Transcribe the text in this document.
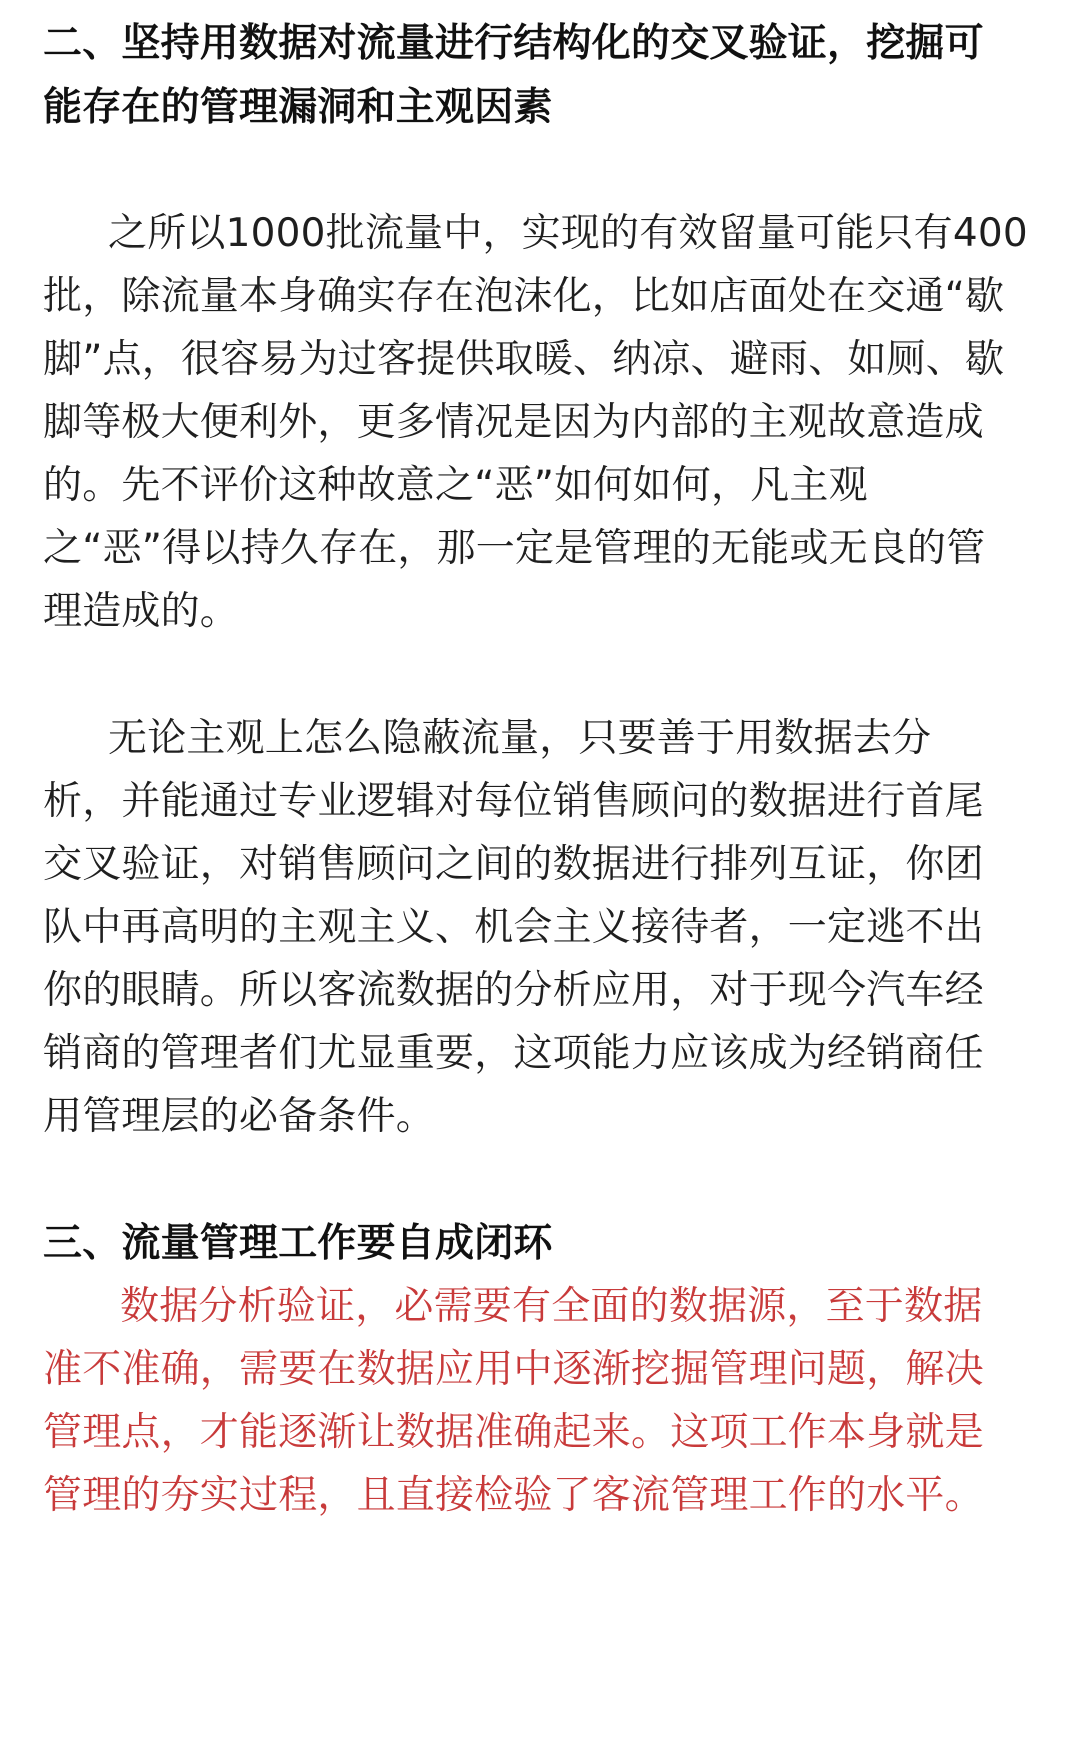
二、坚持用数据对流量进行结构化的交叉验证，挖掘可

能存在的管理漏洞和主观因素

之所以1000批流量中，实现的有效留量可能只有400

批，除流量本身确实存在泡沫化，比如店面处在交通“歇

脚”点，很容易为过客提供取暖、纳凉、避雨、如厕、歇

脚等极大便利外，更多情况是因为内部的主观故意造成

的。先不评价这种故意之“恶”如何如何，凡主观

之“恶”得以持久存在，那一定是管理的无能或无良的管

理造成的。

无论主观上怎么隐蔽流量，只要善于用数据去分

析，并能通过专业逻辑对每位销售顾问的数据进行首尾

交叉验证，对销售顾问之间的数据进行排列互证，你团

队中再高明的主观主义、机会主义接待者，一定逃不出

你的眼睛。所以客流数据的分析应用，对于现今汽车经

销商的管理者们尤显重要，这项能力应该成为经销商任

用管理层的必备条件。

三、流量管理工作要自成闭环

数据分析验证，必需要有全面的数据源，至于数据

准不准确，需要在数据应用中逐渐挖掘管理问题，解决

管理点，才能逐渐让数据准确起来。这项工作本身就是

管理的夯实过程，且直接检验了客流管理工作的水平。
